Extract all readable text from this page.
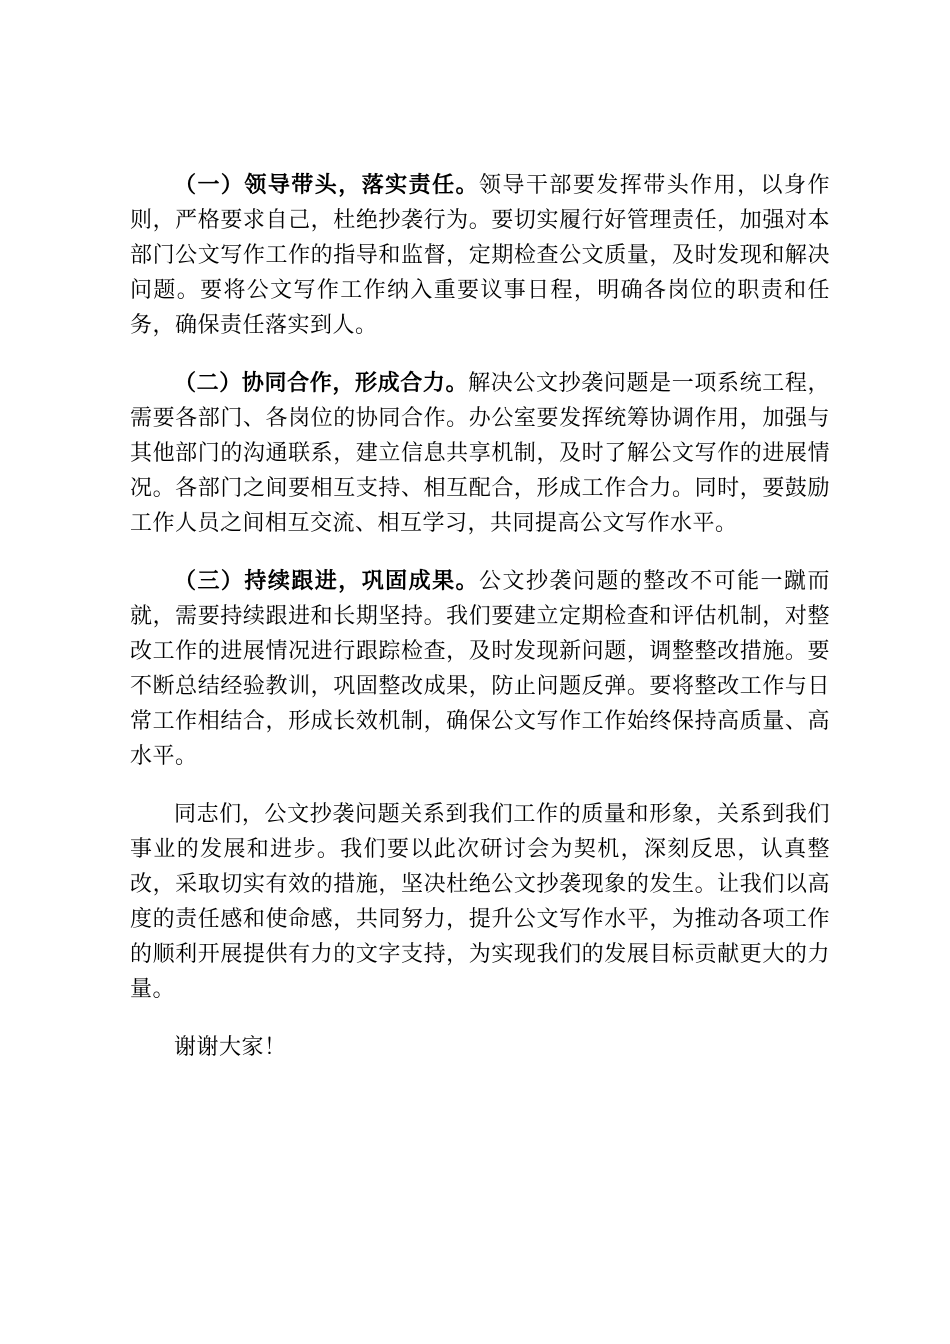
（一）领导带头，落实责任。领导干部要发挥带头作用，以身作则，严格要求自己，杜绝抄袭行为。要切实履行好管理责任，加强对本部门公文写作工作的指导和监督，定期检查公文质量，及时发现和解决问题。要将公文写作工作纳入重要议事日程，明确各岗位的职责和任务，确保责任落实到人。

（二）协同合作，形成合力。解决公文抄袭问题是一项系统工程，需要各部门、各岗位的协同合作。办公室要发挥统筹协调作用，加强与其他部门的沟通联系，建立信息共享机制，及时了解公文写作的进展情况。各部门之间要相互支持、相互配合，形成工作合力。同时，要鼓励工作人员之间相互交流、相互学习，共同提高公文写作水平。

（三）持续跟进，巩固成果。公文抄袭问题的整改不可能一蹴而就，需要持续跟进和长期坚持。我们要建立定期检查和评估机制，对整改工作的进展情况进行跟踪检查，及时发现新问题，调整整改措施。要不断总结经验教训，巩固整改成果，防止问题反弹。要将整改工作与日常工作相结合，形成长效机制，确保公文写作工作始终保持高质量、高水平。

同志们，公文抄袭问题关系到我们工作的质量和形象，关系到我们事业的发展和进步。我们要以此次研讨会为契机，深刻反思，认真整改，采取切实有效的措施，坚决杜绝公文抄袭现象的发生。让我们以高度的责任感和使命感，共同努力，提升公文写作水平，为推动各项工作的顺利开展提供有力的文字支持，为实现我们的发展目标贡献更大的力量。

谢谢大家！
